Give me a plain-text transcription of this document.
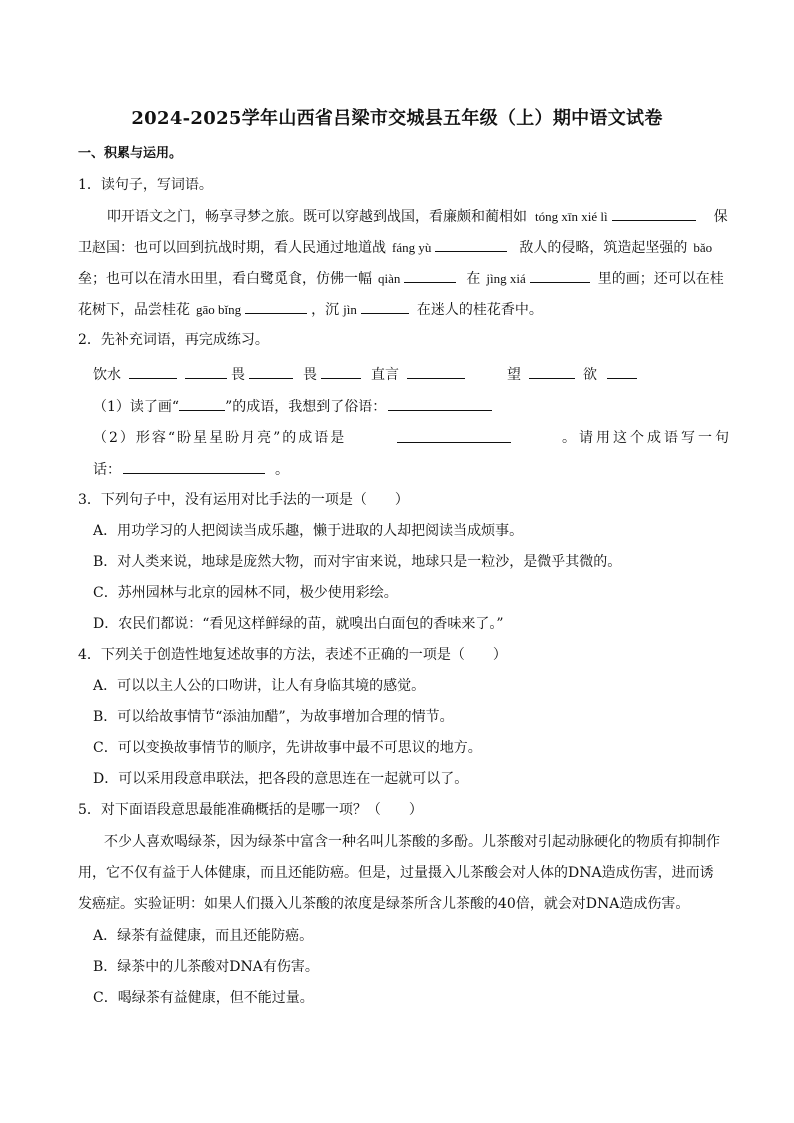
2024-2025学年山西省吕梁市交城县五年级（上）期中语文试卷
一、积累与运用。
1．读句子，写词语。
叩开语文之门，畅享寻梦之旅。既可以穿越到战国，看廉颇和蔺相如 tóng xīn xié lì	保
卫赵国：也可以回到抗战时期，看人民通过地道战 fáng yù	敌人的侵略，筑造起坚强的 bǎo
垒；也可以在清水田里，看白鹭觅食，仿佛一幅 qiàn	在 jìng xiá	里的画；还可以在桂
花树下，品尝桂花 gāo bǐng	，沉 jìn	在迷人的桂花香中。
2．先补充词语，再完成练习。
饮水	畏	畏	直言	望	欲
（1）读了画“	”的成语，我想到了俗语：
（2）形容“盼星星盼月亮”的成语是	。请用这个成语写一句
话：	。
3．下列句子中，没有运用对比手法的一项是（　　）
A．用功学习的人把阅读当成乐趣，懒于进取的人却把阅读当成烦事。
B．对人类来说，地球是庞然大物，而对宇宙来说，地球只是一粒沙，是微乎其微的。
C．苏州园林与北京的园林不同，极少使用彩绘。
D．农民们都说：“看见这样鲜绿的苗，就嗅出白面包的香味来了。”
4．下列关于创造性地复述故事的方法，表述不正确的一项是（　　）
A．可以以主人公的口吻讲，让人有身临其境的感觉。
B．可以给故事情节“添油加醋”，为故事增加合理的情节。
C．可以变换故事情节的顺序，先讲故事中最不可思议的地方。
D．可以采用段意串联法，把各段的意思连在一起就可以了。
5．对下面语段意思最能准确概括的是哪一项？（　　）
不少人喜欢喝绿茶，因为绿茶中富含一种名叫儿茶酸的多酚。儿茶酸对引起动脉硬化的物质有抑制作
用，它不仅有益于人体健康，而且还能防癌。但是，过量摄入儿茶酸会对人体的DNA造成伤害，进而诱
发癌症。实验证明：如果人们摄入儿茶酸的浓度是绿茶所含儿茶酸的40倍，就会对DNA造成伤害。
A．绿茶有益健康，而且还能防癌。
B．绿茶中的儿茶酸对DNA有伤害。
C．喝绿茶有益健康，但不能过量。
